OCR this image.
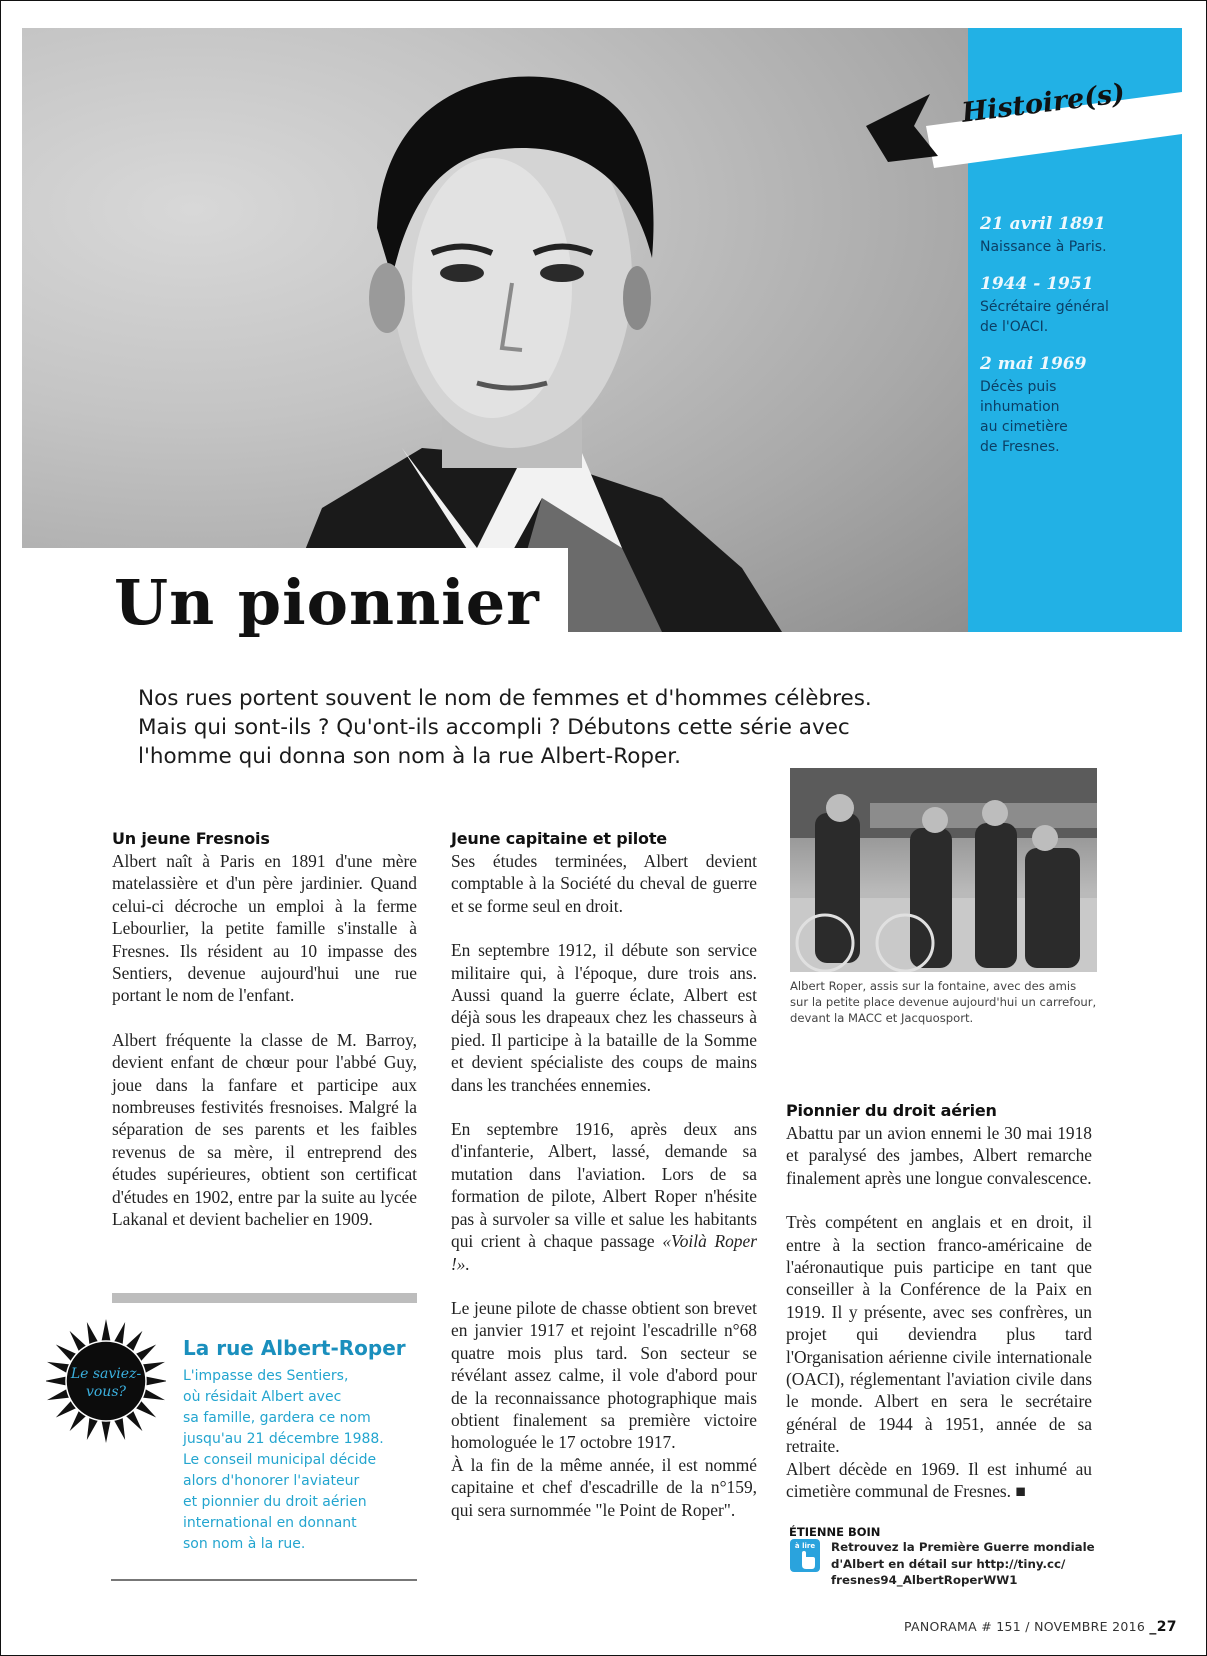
Histoire(s)
21 avril 1891
Naissance à Paris.
1944 - 1951
Sécrétaire général
de l'OACI.
2 mai 1969
Décès puis
inhumation
au cimetière
de Fresnes.
Un pionnier
Nos rues portent souvent le nom de femmes et d'hommes célèbres.
Mais qui sont-ils ? Qu'ont-ils accompli ? Débutons cette série avec
l'homme qui donna son nom à la rue Albert-Roper.
Un jeune Fresnois

Albert naît à Paris en 1891 d'une mère matelassière et d'un père jardinier. Quand celui-ci décroche un emploi à la ferme Lebourlier, la petite famille s'installe à Fresnes. Ils résident au 10 impasse des Sentiers, devenue aujourd'hui une rue portant le nom de l'enfant.

Albert fréquente la classe de M. Barroy, devient enfant de chœur pour l'abbé Guy, joue dans la fanfare et participe aux nombreuses festivités fresnoises. Malgré la séparation de ses parents et les faibles revenus de sa mère, il entreprend des études supérieures, obtient son certificat d'études en 1902, entre par la suite au lycée Lakanal et devient bachelier en 1909.

Jeune capitaine et pilote

Ses études terminées, Albert devient comptable à la Société du cheval de guerre et se forme seul en droit.

En septembre 1912, il débute son service militaire qui, à l'époque, dure trois ans. Aussi quand la guerre éclate, Albert est déjà sous les drapeaux chez les chasseurs à pied. Il participe à la bataille de la Somme et devient spécialiste des coups de mains dans les tranchées ennemies.

En septembre 1916, après deux ans d'infanterie, Albert, lassé, demande sa mutation dans l'aviation. Lors de sa formation de pilote, Albert Roper n'hésite pas à survoler sa ville et salue les habitants qui crient à chaque passage «Voilà Roper !».

Le jeune pilote de chasse obtient son brevet en janvier 1917 et rejoint l'escadrille n°68 quatre mois plus tard. Son secteur se révélant assez calme, il vole d'abord pour de la reconnaissance photographique mais obtient finalement sa première victoire homologuée le 17 octobre 1917.

À la fin de la même année, il est nommé capitaine et chef d'escadrille de la n°159, qui sera surnommée "le Point de Roper".

Albert Roper, assis sur la fontaine, avec des amis
sur la petite place devenue aujourd'hui un carrefour,
devant la MACC et Jacquosport.
Pionnier du droit aérien

Abattu par un avion ennemi le 30 mai 1918 et paralysé des jambes, Albert remarche finalement après une longue convalescence.

Très compétent en anglais et en droit, il entre à la section franco-américaine de l'aéronautique puis participe en tant que conseiller à la Conférence de la Paix en 1919. Il y présente, avec ses confrères, un projet qui deviendra plus tard l'Organisation aérienne civile internationale (OACI), réglementant l'aviation civile dans le monde. Albert en sera le secrétaire général de 1944 à 1951, année de sa retraite.

Albert décède en 1969. Il est inhumé au cimetière communal de Fresnes. ■

ÉTIENNE BOIN
Le saviez-
vous?
La rue Albert-Roper
L'impasse des Sentiers,
où résidait Albert avec
sa famille, gardera ce nom
jusqu'au 21 décembre 1988.
Le conseil municipal décide
alors d'honorer l'aviateur
et pionnier du droit aérien
international en donnant
son nom à la rue.	à lire	Retrouvez la Première Guerre mondiale
d'Albert en détail sur http://tiny.cc/
fresnes94_AlbertRoperWW1
PANORAMA # 151 / NOVEMBRE 2016 _27
